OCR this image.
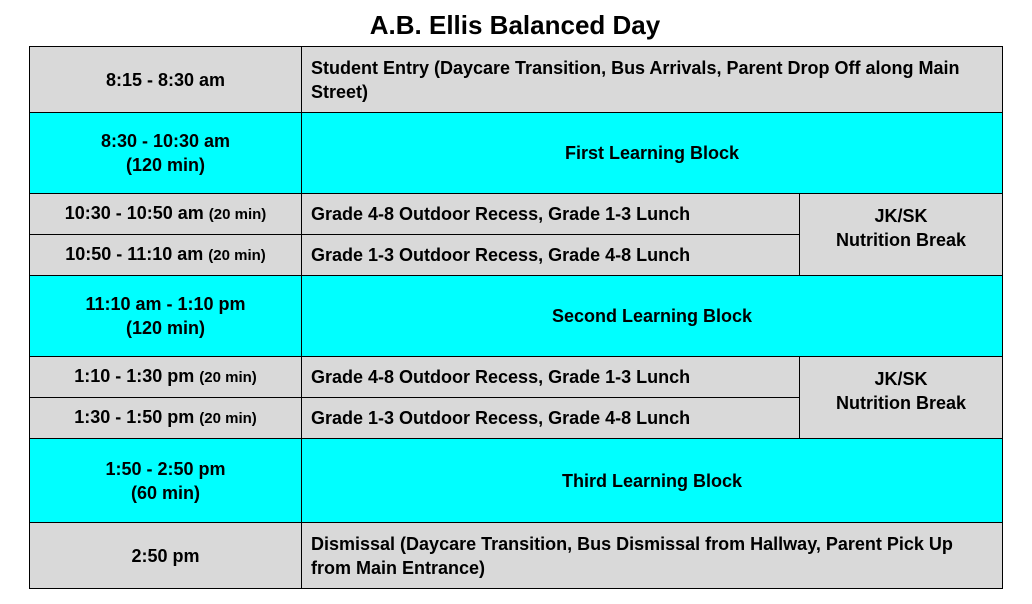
A.B. Ellis Balanced Day
8:15 - 8:30 am	Student Entry (Daycare Transition, Bus Arrivals, Parent Drop Off along Main Street)	
8:30 - 10:30 am
(120 min)	First Learning Block	
10:30 - 10:50 am (20 min)	Grade 4-8 Outdoor Recess, Grade 1-3 Lunch	JK/SK
Nutrition Break
10:50 - 11:10 am (20 min)	Grade 1-3 Outdoor Recess, Grade 4-8 Lunch	
11:10 am - 1:10 pm
(120 min)	Second Learning Block	
1:10 - 1:30 pm (20 min)	Grade 4-8 Outdoor Recess, Grade 1-3 Lunch	JK/SK
Nutrition Break
1:30 - 1:50 pm (20 min)	Grade 1-3 Outdoor Recess, Grade 4-8 Lunch	
1:50 - 2:50 pm
(60 min)	Third Learning Block	
2:50 pm	Dismissal (Daycare Transition, Bus Dismissal from Hallway, Parent Pick Up from Main Entrance)	
